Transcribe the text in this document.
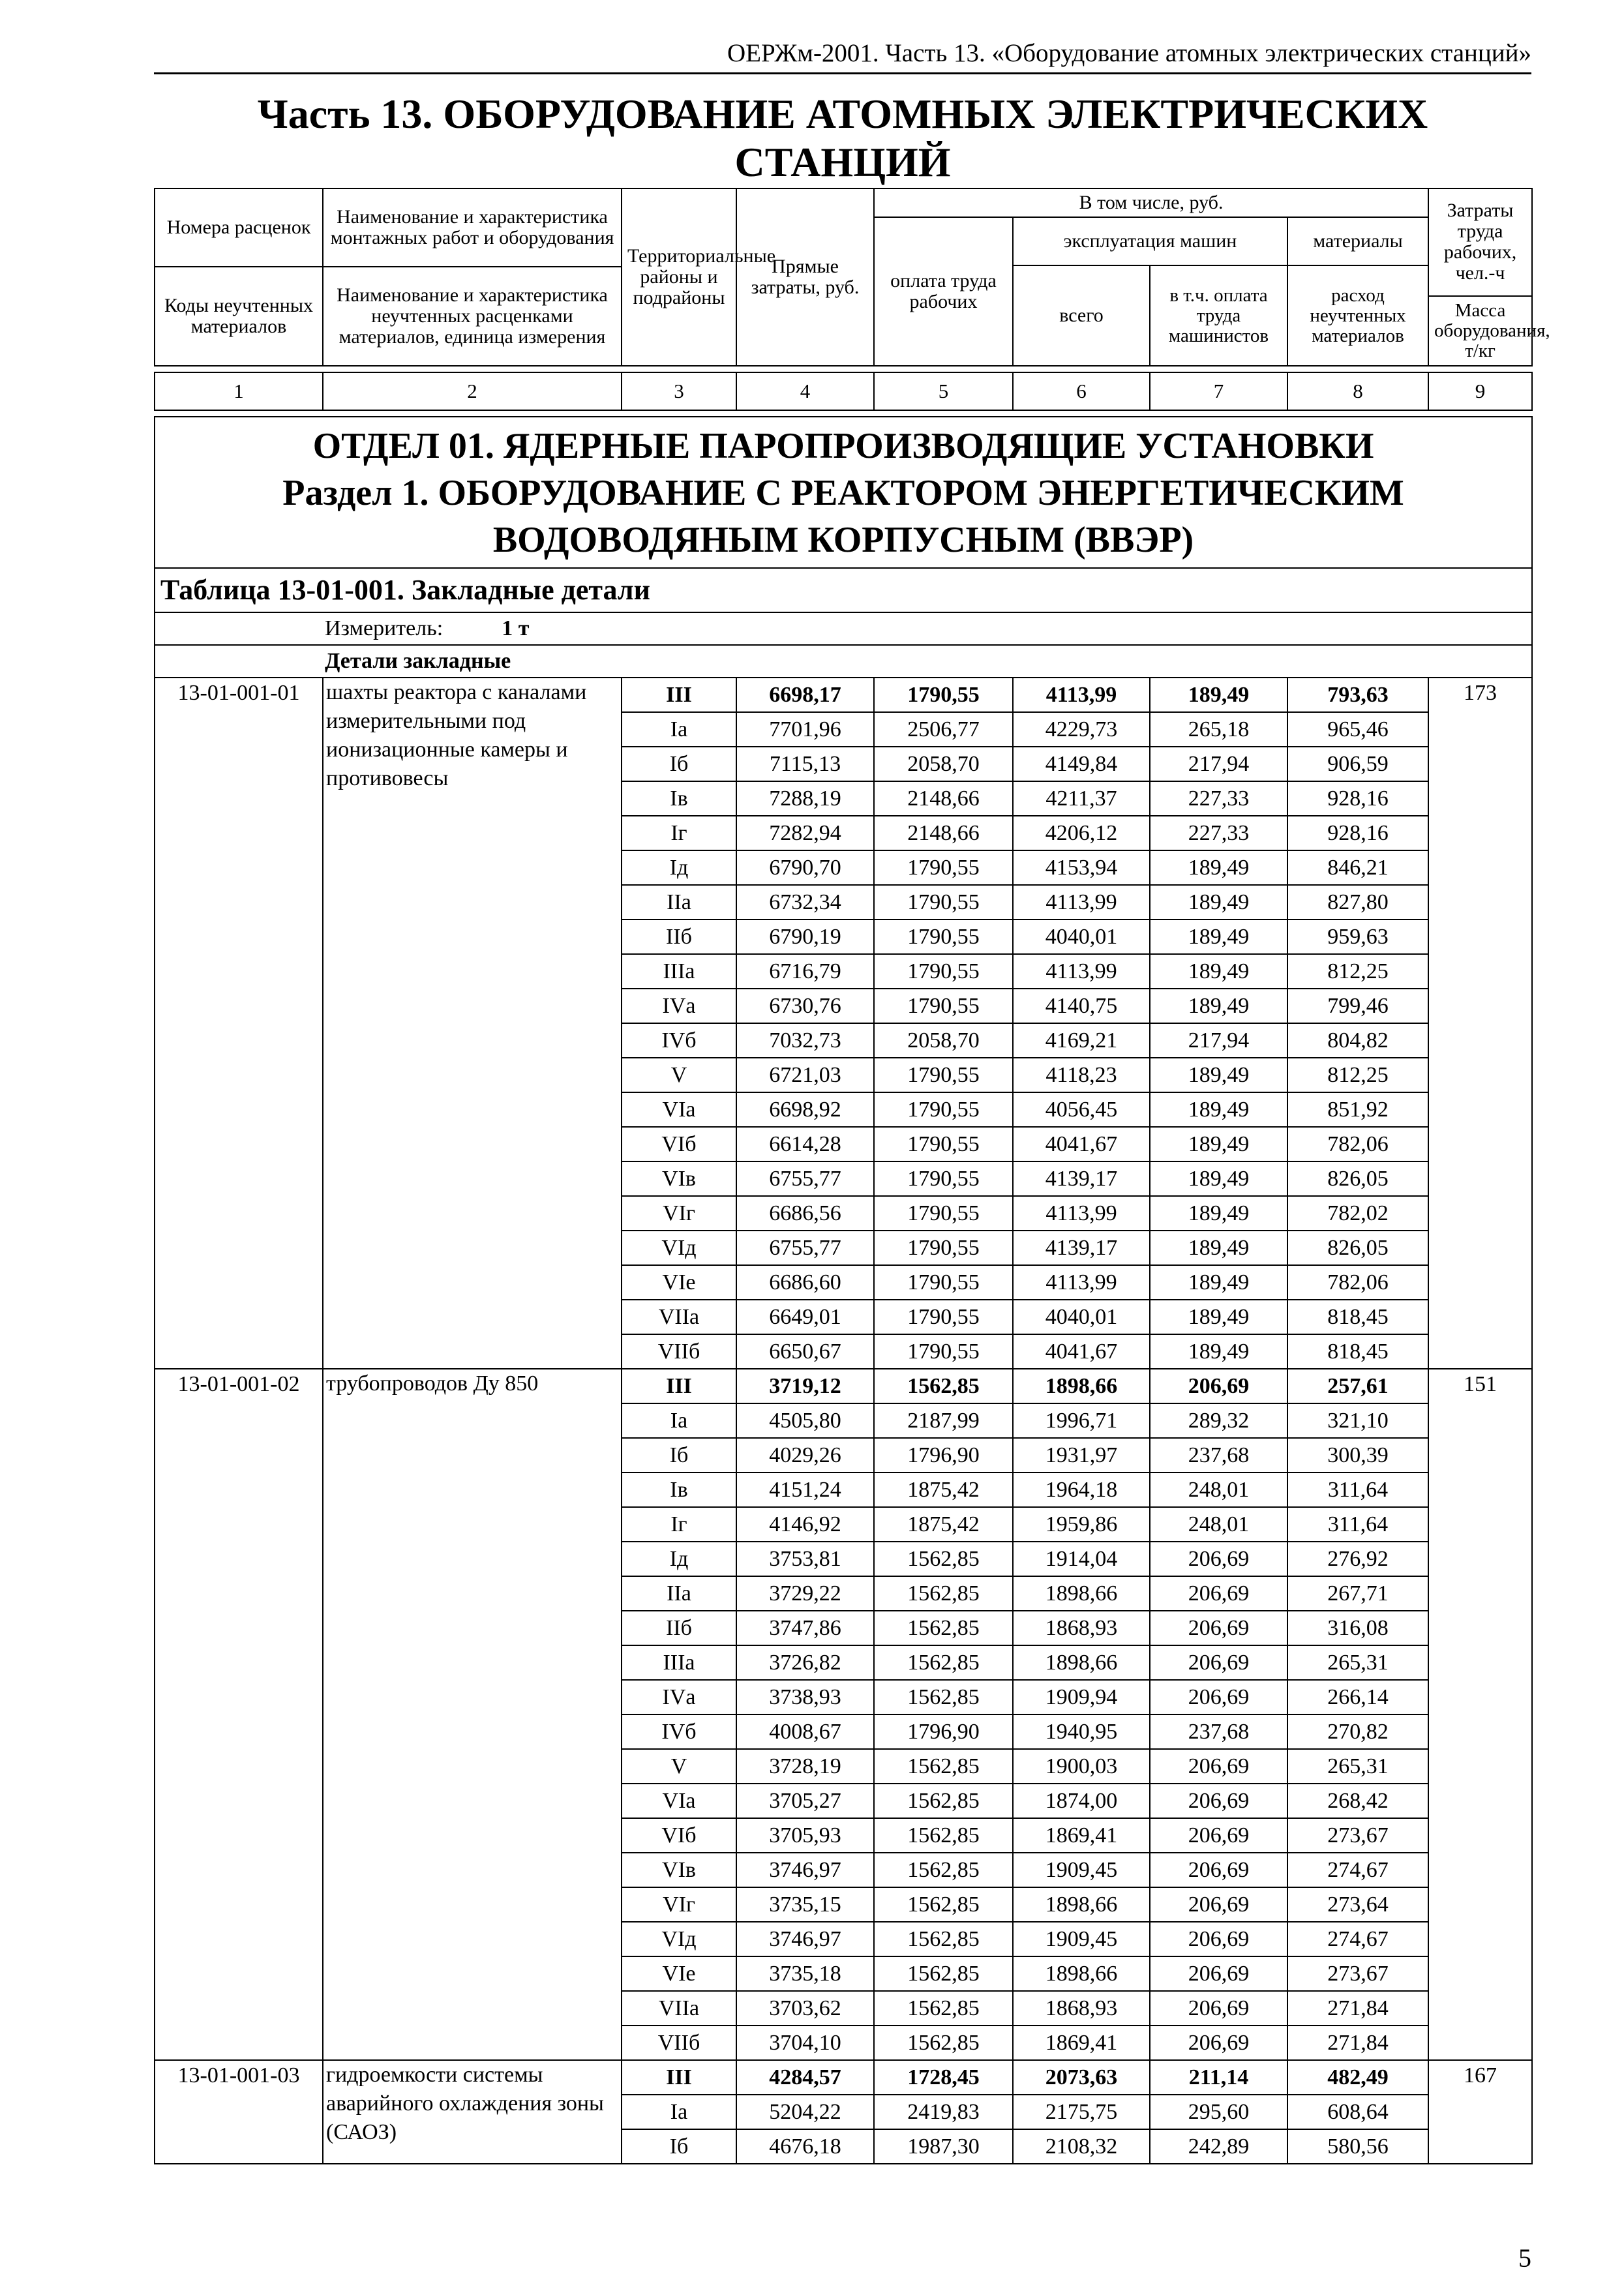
ОЕРЖм-2001. Часть 13. «Оборудование атомных электрических станций»
Часть 13. ОБОРУДОВАНИЕ АТОМНЫХ ЭЛЕКТРИЧЕСКИХ
СТАНЦИЙ
Номера расценок	Наименование и характеристика монтажных работ и оборудования	Территориальные районы и подрайоны	Прямые затраты, руб.	В том числе, руб.				Затраты труда рабочих, чел.-ч
				оплата труда рабочих	эксплуатация машин		материалы	
					всего	в т.ч. оплата труда машинистов	расход неучтенных материалов	
Коды неучтенных материалов	Наименование и характеристика неучтенных расценками материалов, единица измерения							
								Масса оборудования, т/кг

1	2	3	4	5	6	7	8	9

ОТДЕЛ 01. ЯДЕРНЫЕ ПАРОПРОИЗВОДЯЩИЕ УСТАНОВКИ
Раздел 1. ОБОРУДОВАНИЕ С РЕАКТОРОМ ЭНЕРГЕТИЧЕСКИМ
ВОДОВОДЯНЫМ КОРПУСНЫМ (ВВЭР)								

Таблица 13-01-001. Закладные детали								
Измеритель: 1 т								
Детали закладные								
13-01-001-01	шахты реактора с каналами измерительными под ионизационные камеры и противовесы	III	6698,17	1790,55	4113,99	189,49	793,63	173
		Iа	7701,96	2506,77	4229,73	265,18	965,46	
		Iб	7115,13	2058,70	4149,84	217,94	906,59	
		Iв	7288,19	2148,66	4211,37	227,33	928,16	
		Iг	7282,94	2148,66	4206,12	227,33	928,16	
		Iд	6790,70	1790,55	4153,94	189,49	846,21	
		IIа	6732,34	1790,55	4113,99	189,49	827,80	
		IIб	6790,19	1790,55	4040,01	189,49	959,63	
		IIIа	6716,79	1790,55	4113,99	189,49	812,25	
		IVа	6730,76	1790,55	4140,75	189,49	799,46	
		IVб	7032,73	2058,70	4169,21	217,94	804,82	
		V	6721,03	1790,55	4118,23	189,49	812,25	
		VIа	6698,92	1790,55	4056,45	189,49	851,92	
		VIб	6614,28	1790,55	4041,67	189,49	782,06	
		VIв	6755,77	1790,55	4139,17	189,49	826,05	
		VIг	6686,56	1790,55	4113,99	189,49	782,02	
		VIд	6755,77	1790,55	4139,17	189,49	826,05	
		VIе	6686,60	1790,55	4113,99	189,49	782,06	
		VIIа	6649,01	1790,55	4040,01	189,49	818,45	
		VIIб	6650,67	1790,55	4041,67	189,49	818,45	
13-01-001-02	трубопроводов Ду 850	III	3719,12	1562,85	1898,66	206,69	257,61	151
		Iа	4505,80	2187,99	1996,71	289,32	321,10	
		Iб	4029,26	1796,90	1931,97	237,68	300,39	
		Iв	4151,24	1875,42	1964,18	248,01	311,64	
		Iг	4146,92	1875,42	1959,86	248,01	311,64	
		Iд	3753,81	1562,85	1914,04	206,69	276,92	
		IIа	3729,22	1562,85	1898,66	206,69	267,71	
		IIб	3747,86	1562,85	1868,93	206,69	316,08	
		IIIа	3726,82	1562,85	1898,66	206,69	265,31	
		IVа	3738,93	1562,85	1909,94	206,69	266,14	
		IVб	4008,67	1796,90	1940,95	237,68	270,82	
		V	3728,19	1562,85	1900,03	206,69	265,31	
		VIа	3705,27	1562,85	1874,00	206,69	268,42	
		VIб	3705,93	1562,85	1869,41	206,69	273,67	
		VIв	3746,97	1562,85	1909,45	206,69	274,67	
		VIг	3735,15	1562,85	1898,66	206,69	273,64	
		VIд	3746,97	1562,85	1909,45	206,69	274,67	
		VIе	3735,18	1562,85	1898,66	206,69	273,67	
		VIIа	3703,62	1562,85	1868,93	206,69	271,84	
		VIIб	3704,10	1562,85	1869,41	206,69	271,84	
13-01-001-03	гидроемкости системы аварийного охлаждения зоны (САОЗ)	III	4284,57	1728,45	2073,63	211,14	482,49	167
		Iа	5204,22	2419,83	2175,75	295,60	608,64	
		Iб	4676,18	1987,30	2108,32	242,89	580,56	
5
